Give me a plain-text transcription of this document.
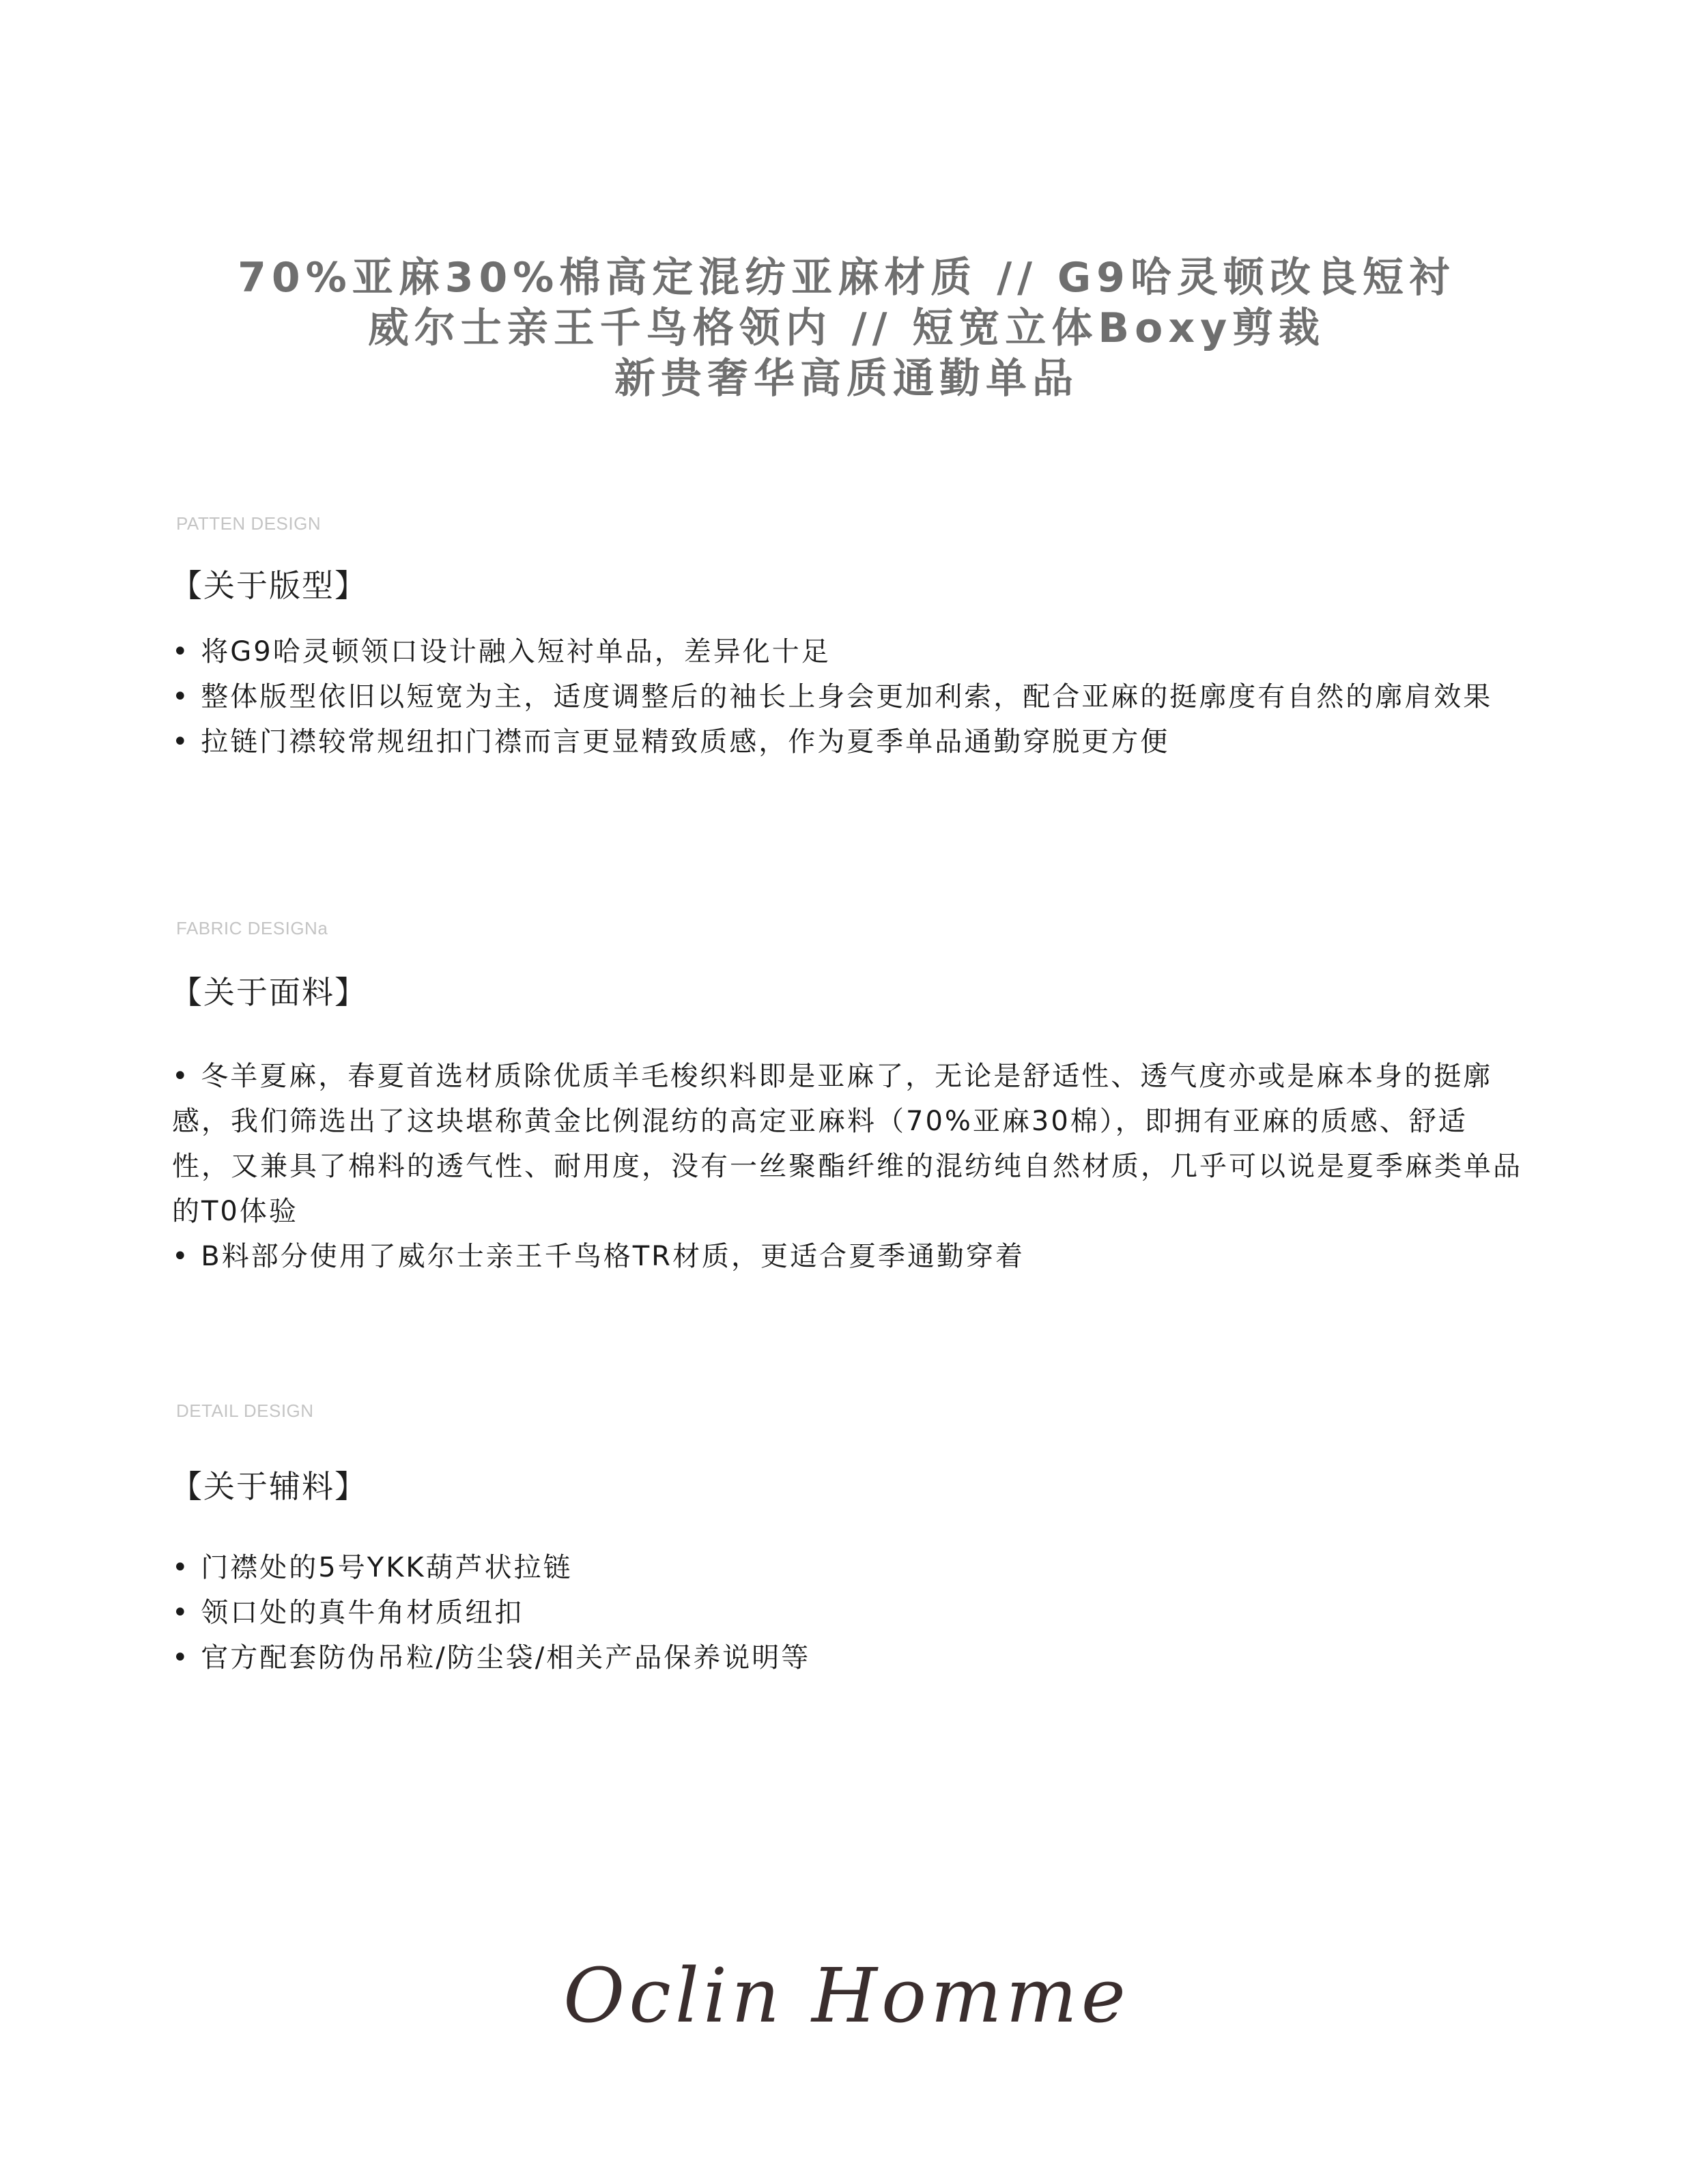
70%亚麻30%棉高定混纺亚麻材质 // G9哈灵顿改良短衬
威尔士亲王千鸟格领内 // 短宽立体Boxy剪裁
新贵奢华高质通勤单品
PATTEN DESIGN
【关于版型】

• 将G9哈灵顿领口设计融入短衬单品，差异化十足

• 整体版型依旧以短宽为主，适度调整后的袖长上身会更加利索，配合亚麻的挺廓度有自然的廓肩效果

• 拉链门襟较常规纽扣门襟而言更显精致质感，作为夏季单品通勤穿脱更方便

FABRIC DESIGNa
【关于面料】

• 冬羊夏麻，春夏首选材质除优质羊毛梭织料即是亚麻了，无论是舒适性、透气度亦或是麻本身的挺廓感，我们筛选出了这块堪称黄金比例混纺的高定亚麻料（70%亚麻30棉），即拥有亚麻的质感、舒适性，又兼具了棉料的透气性、耐用度，没有一丝聚酯纤维的混纺纯自然材质，几乎可以说是夏季麻类单品的T0体验

• B料部分使用了威尔士亲王千鸟格TR材质，更适合夏季通勤穿着

DETAIL DESIGN
【关于辅料】

• 门襟处的5号YKK葫芦状拉链

• 领口处的真牛角材质纽扣

• 官方配套防伪吊粒/防尘袋/相关产品保养说明等

Oclin Homme
